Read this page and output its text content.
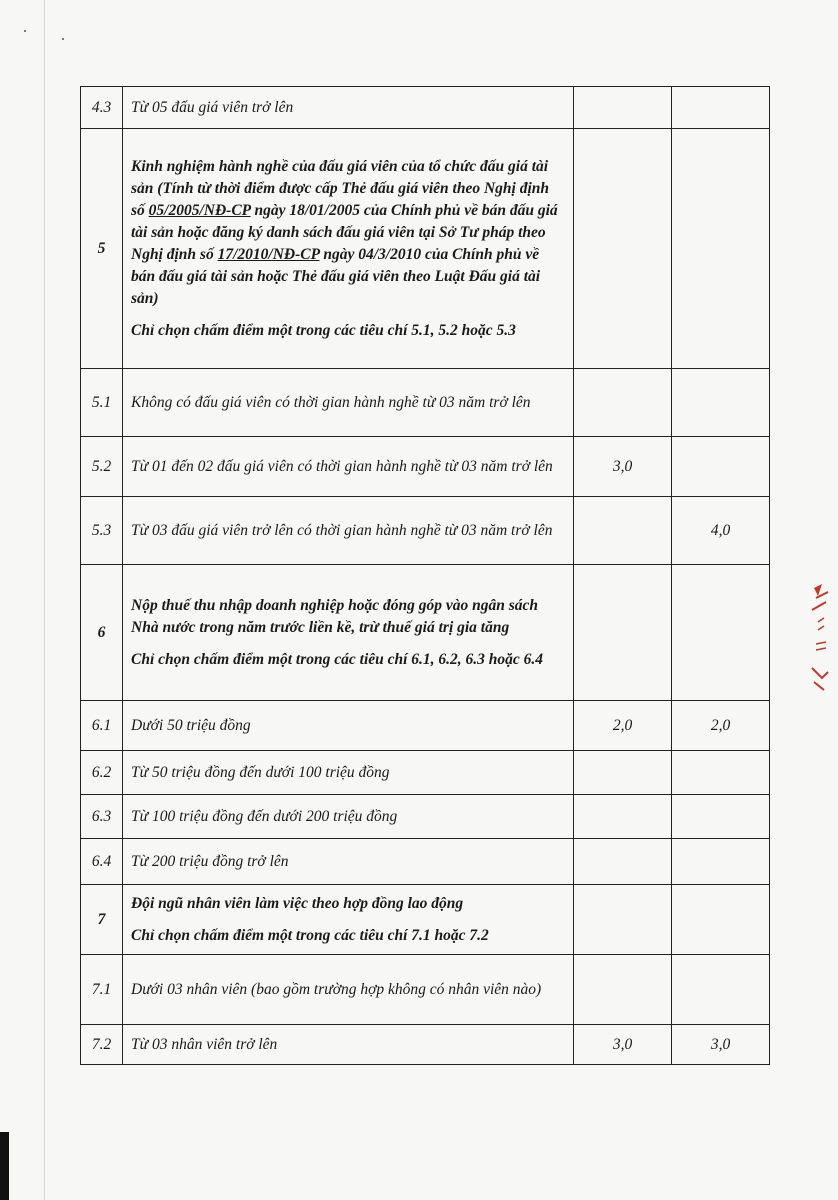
4.3	Từ 05 đấu giá viên trở lên		
5	Kinh nghiệm hành nghề của đấu giá viên của tổ chức đấu giá tài sản (Tính từ thời điểm được cấp Thẻ đấu giá viên theo Nghị định số 05/2005/NĐ-CP ngày 18/01/2005 của Chính phủ về bán đấu giá tài sản hoặc đăng ký danh sách đấu giá viên tại Sở Tư pháp theo Nghị định số 17/2010/NĐ-CP ngày 04/3/2010 của Chính phủ về bán đấu giá tài sản hoặc Thẻ đấu giá viên theo Luật Đấu giá tài sản)
Chỉ chọn chấm điểm một trong các tiêu chí 5.1, 5.2 hoặc 5.3		

5.1	Không có đấu giá viên có thời gian hành nghề từ 03 năm trở lên		
5.2	Từ 01 đến 02 đấu giá viên có thời gian hành nghề từ 03 năm trở lên	3,0	
5.3	Từ 03 đấu giá viên trở lên có thời gian hành nghề từ 03 năm trở lên		4,0
6	Nộp thuế thu nhập doanh nghiệp hoặc đóng góp vào ngân sách Nhà nước trong năm trước liền kề, trừ thuế giá trị gia tăng
Chỉ chọn chấm điểm một trong các tiêu chí 6.1, 6.2, 6.3 hoặc 6.4		

6.1	Dưới 50 triệu đồng	2,0	2,0
6.2	Từ 50 triệu đồng đến dưới 100 triệu đồng		
6.3	Từ 100 triệu đồng đến dưới 200 triệu đồng		
6.4	Từ 200 triệu đồng trở lên		
7	Đội ngũ nhân viên làm việc theo hợp đồng lao động
Chỉ chọn chấm điểm một trong các tiêu chí 7.1 hoặc 7.2		

7.1	Dưới 03 nhân viên (bao gồm trường hợp không có nhân viên nào)		
7.2	Từ 03 nhân viên trở lên	3,0	3,0
